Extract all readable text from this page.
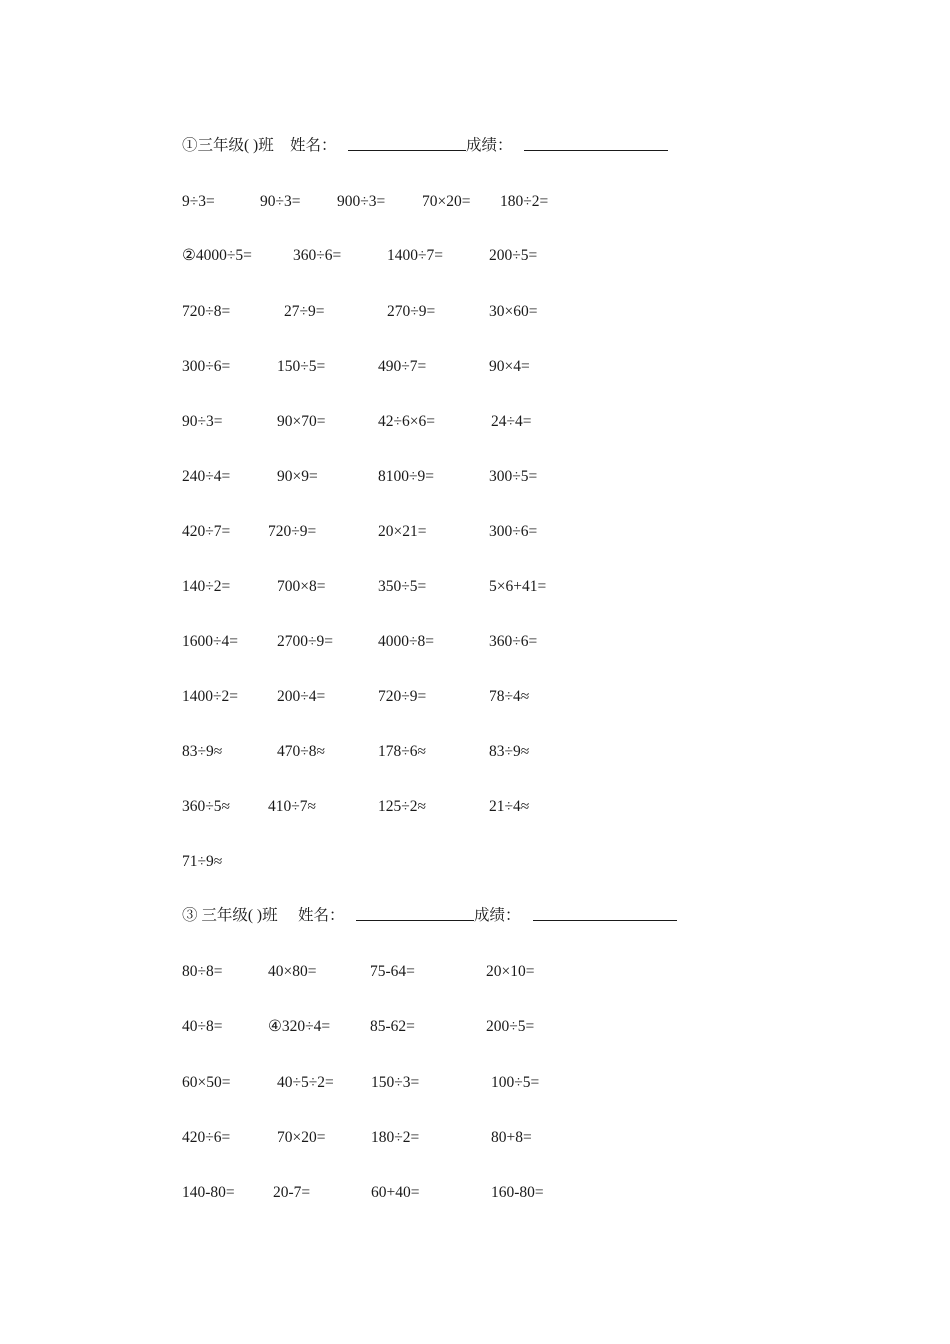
①三年级( )班 姓名：	成绩：
9÷3=	90÷3= 900÷3= 70×20= 180÷2=
②4000÷5=	360÷6=	1400÷7=	200÷5=
720÷8=	27÷9=	270÷9=	30×60=
300÷6=	150÷5=	490÷7=	90×4=
90÷3=	90×70=	42÷6×6=	24÷4=
240÷4=	90×9=	8100÷9=	300÷5=
420÷7= 720÷9=	20×21=	300÷6=
140÷2=	700×8=	350÷5=	5×6+41=
1600÷4=	2700÷9=	4000÷8=	360÷6=
1400÷2=	200÷4=	720÷9=	78÷4≈
83÷9≈	470÷8≈	178÷6≈	83÷9≈
360÷5≈ 410÷7≈	125÷2≈	21÷4≈
71÷9≈
③ 三年级( )班 姓名：	成绩：
80÷8=	40×80=	75-64=	20×10=
40÷8=	④320÷4=	85-62=	200÷5=
60×50=	40÷5÷2= 150÷3=	100÷5=
420÷6=	70×20=	180÷2=	80+8=
140-80= 20-7=	60+40=	160-80=
